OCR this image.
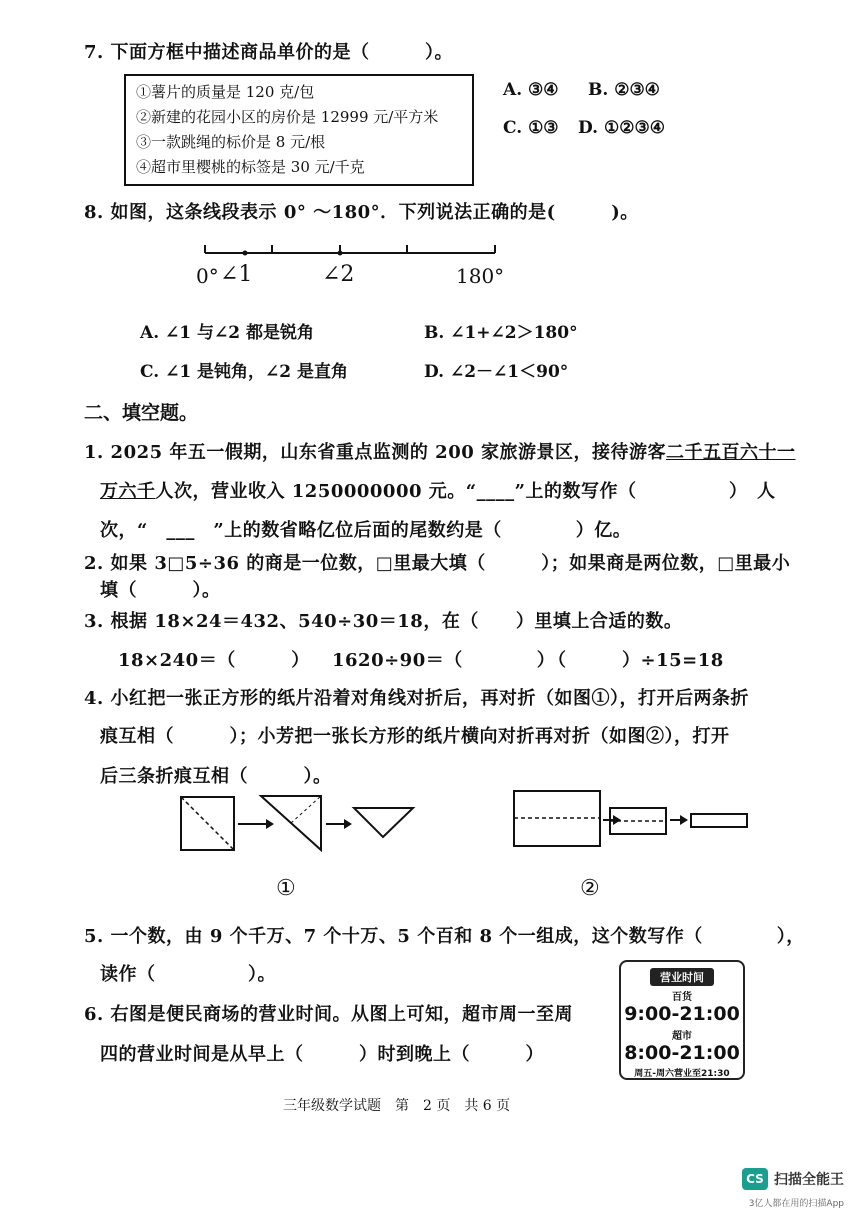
7. 下面方框中描述商品单价的是（　　　）。
①薯片的质量是 120 克/包
②新建的花园小区的房价是 12999 元/平方米
③一款跳绳的标价是 8 元/根
④超市里樱桃的标签是 30 元/千克
A. ③④ B. ②③④
C. ①③ D. ①②③④
8. 如图，这条线段表示 0° ～180°．下列说法正确的是(　　　)。
0° ∠1	∠2	180°
A. ∠1 与∠2 都是锐角	B. ∠1+∠2＞180°
C. ∠1 是钝角，∠2 是直角	D. ∠2－∠1＜90°
二、填空题。
1. 2025 年五一假期，山东省重点监测的 200 家旅游景区，接待游客二千五百六十一
万六千人次，营业收入 1250000000 元。“____”上的数写作（　　　　　）　人
次，“　___　”上的数省略亿位后面的尾数约是（　　　　）亿。
2. 如果 3□5÷36 的商是一位数，□里最大填（　　　）；如果商是两位数，□里最小
填（　　　）。
3. 根据 18×24＝432、540÷30＝18，在（　　）里填上合适的数。
18×240＝（　　　） 1620÷90＝（　　　　）
（　　　）÷15=18
4. 小红把一张正方形的纸片沿着对角线对折后，再对折（如图①），打开后两条折
痕互相（　　　）；小芳把一张长方形的纸片横向对折再对折（如图②），打开
后三条折痕互相（　　　）。
①	②
5. 一个数，由 9 个千万、7 个十万、5 个百和 8 个一组成，这个数写作（　　　　），
读作（　　　　　）。
6. 右图是便民商场的营业时间。从图上可知，超市周一至周
四的营业时间是从早上（　　　）时到晚上（　　　）
营业时间
百货
9:00-21:00
超市
8:00-21:00
周五-周六营业至21:30
三年级数学试题　第　2 页　共 6 页
CS 扫描全能王
3亿人都在用的扫描App
